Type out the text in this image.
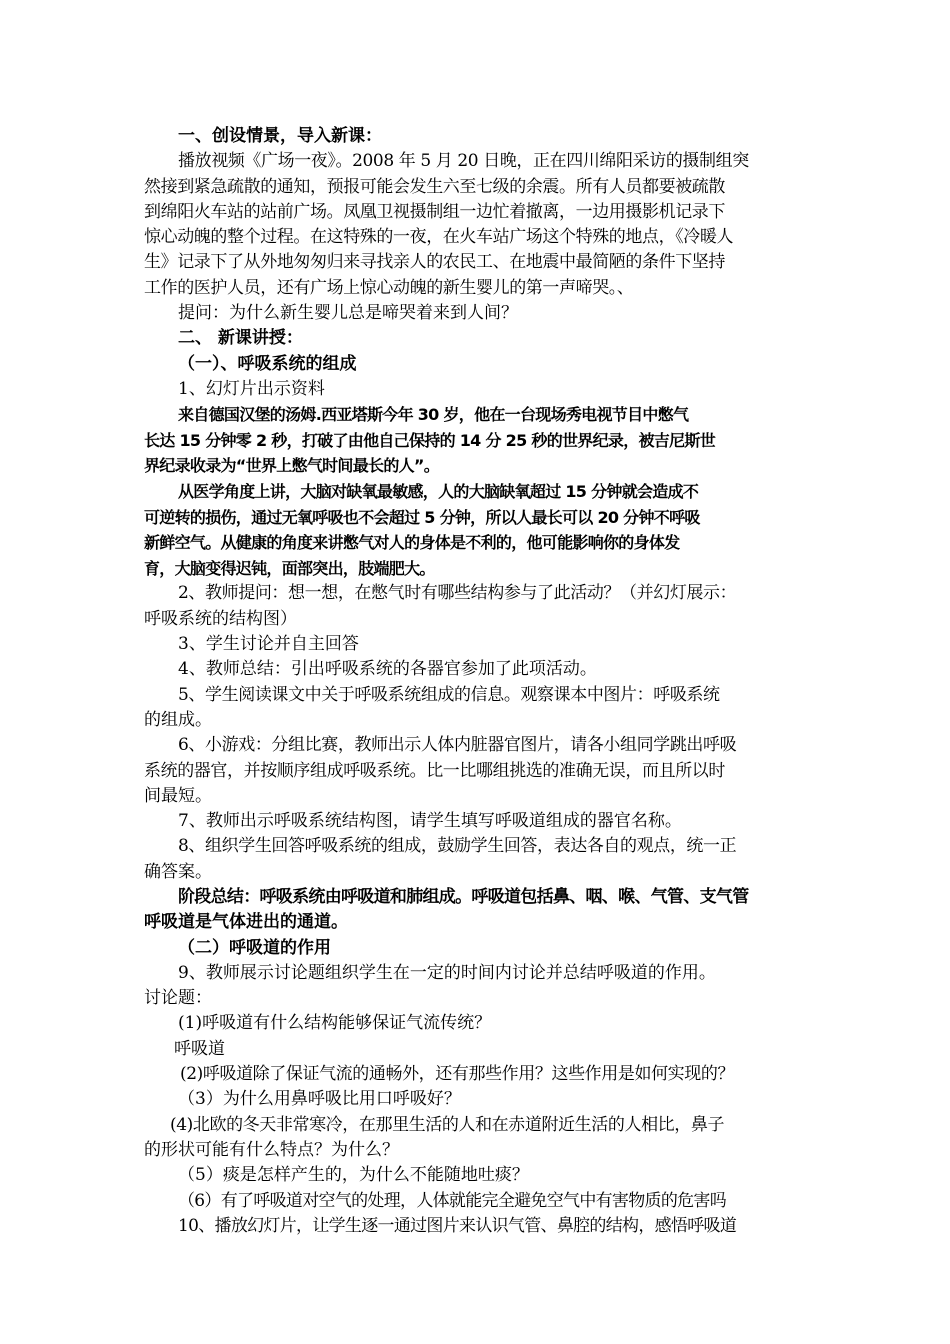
一、创设情景，导入新课：

播放视频《广场一夜》。2008 年 5 月 20 日晚，正在四川绵阳采访的摄制组突

然接到紧急疏散的通知，预报可能会发生六至七级的余震。所有人员都要被疏散

到绵阳火车站的站前广场。凤凰卫视摄制组一边忙着撤离，一边用摄影机记录下

惊心动魄的整个过程。在这特殊的一夜，在火车站广场这个特殊的地点，《冷暖人

生》记录下了从外地匆匆归来寻找亲人的农民工、在地震中最简陋的条件下坚持

工作的医护人员，还有广场上惊心动魄的新生婴儿的第一声啼哭。、

提问：为什么新生婴儿总是啼哭着来到人间？

二、 新课讲授：

（一）、呼吸系统的组成

1、幻灯片出示资料

来自德国汉堡的汤姆.西亚塔斯今年 30 岁，他在一台现场秀电视节目中憋气

长达 15 分钟零 2 秒，打破了由他自己保持的 14 分 25 秒的世界纪录，被吉尼斯世

界纪录收录为“世界上憋气时间最长的人”。

从医学角度上讲，大脑对缺氧最敏感，人的大脑缺氧超过 15 分钟就会造成不

可逆转的损伤，通过无氧呼吸也不会超过 5 分钟，所以人最长可以 20 分钟不呼吸

新鲜空气。从健康的角度来讲憋气对人的身体是不利的，他可能影响你的身体发

育，大脑变得迟钝，面部突出，肢端肥大。

2、教师提问：想一想，在憋气时有哪些结构参与了此活动？（并幻灯展示：

呼吸系统的结构图）

3、学生讨论并自主回答

4、教师总结：引出呼吸系统的各器官参加了此项活动。

5、学生阅读课文中关于呼吸系统组成的信息。观察课本中图片：呼吸系统

的组成。

6、小游戏：分组比赛，教师出示人体内脏器官图片，请各小组同学跳出呼吸

系统的器官，并按顺序组成呼吸系统。比一比哪组挑选的准确无误，而且所以时

间最短。

7、教师出示呼吸系统结构图，请学生填写呼吸道组成的器官名称。

8、组织学生回答呼吸系统的组成，鼓励学生回答，表达各自的观点，统一正

确答案。

阶段总结：呼吸系统由呼吸道和肺组成。呼吸道包括鼻、咽、喉、气管、支气管

呼吸道是气体进出的通道。

（二）呼吸道的作用

9、教师展示讨论题组织学生在一定的时间内讨论并总结呼吸道的作用。

讨论题：

(1)呼吸道有什么结构能够保证气流传统？

呼吸道

(2)呼吸道除了保证气流的通畅外，还有那些作用？这些作用是如何实现的？

（3）为什么用鼻呼吸比用口呼吸好？

(4)北欧的冬天非常寒冷，在那里生活的人和在赤道附近生活的人相比，鼻子

的形状可能有什么特点？为什么？

（5）痰是怎样产生的，为什么不能随地吐痰？

（6）有了呼吸道对空气的处理，人体就能完全避免空气中有害物质的危害吗

10、播放幻灯片，让学生逐一通过图片来认识气管、鼻腔的结构，感悟呼吸道
